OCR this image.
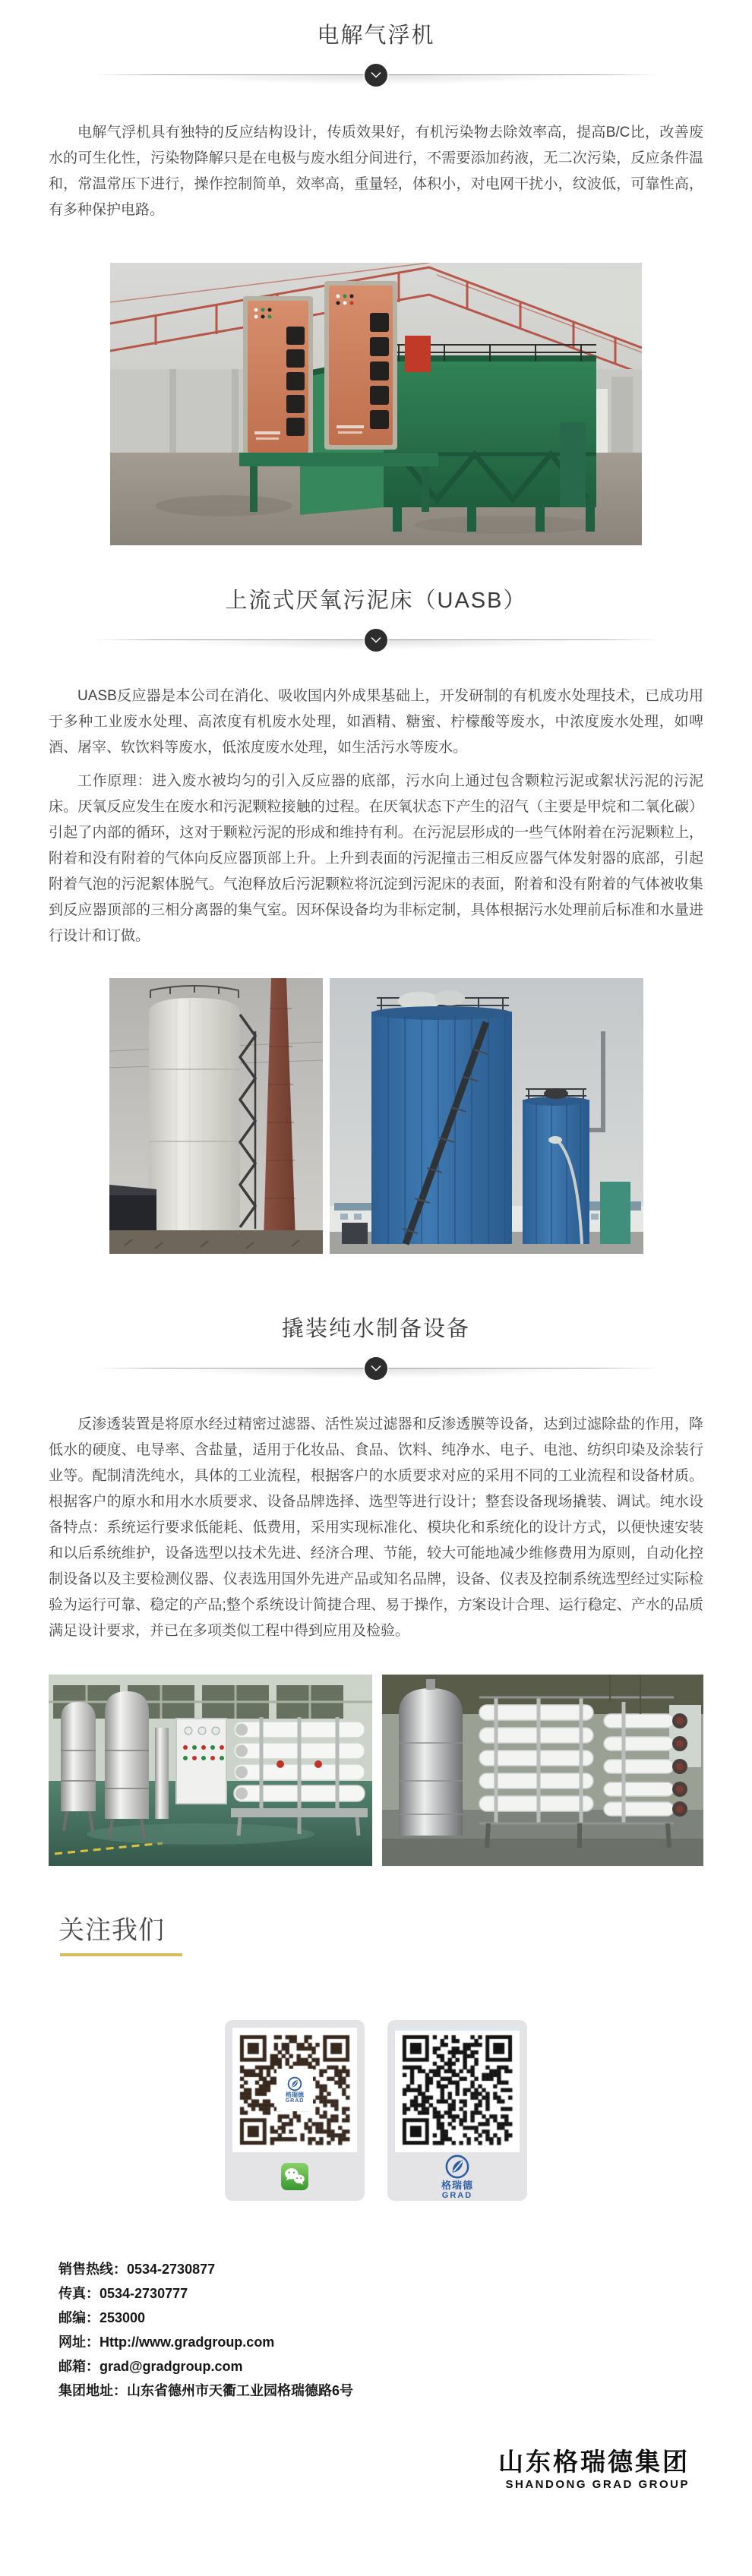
电解气浮机

电解气浮机具有独特的反应结构设计，传质效果好，有机污染物去除效率高，提高B/C比，改善废水的可生化性，污染物降解只是在电极与废水组分间进行，不需要添加药液，无二次污染，反应条件温和，常温常压下进行，操作控制简单，效率高，重量轻，体积小，对电网干扰小，纹波低，可靠性高，有多种保护电路。

上流式厌氧污泥床（UASB）

UASB反应器是本公司在消化、吸收国内外成果基础上，开发研制的有机废水处理技术，已成功用于多种工业废水处理、高浓度有机废水处理，如酒精、糖蜜、柠檬酸等废水，中浓度废水处理，如啤酒、屠宰、软饮料等废水，低浓度废水处理，如生活污水等废水。

工作原理：进入废水被均匀的引入反应器的底部，污水向上通过包含颗粒污泥或絮状污泥的污泥床。厌氧反应发生在废水和污泥颗粒接触的过程。在厌氧状态下产生的沼气（主要是甲烷和二氧化碳）引起了内部的循环，这对于颗粒污泥的形成和维持有利。在污泥层形成的一些气体附着在污泥颗粒上，附着和没有附着的气体向反应器顶部上升。上升到表面的污泥撞击三相反应器气体发射器的底部，引起附着气泡的污泥絮体脱气。气泡释放后污泥颗粒将沉淀到污泥床的表面，附着和没有附着的气体被收集到反应器顶部的三相分离器的集气室。因环保设备均为非标定制，具体根据污水处理前后标准和水量进行设计和订做。

撬装纯水制备设备

反渗透装置是将原水经过精密过滤器、活性炭过滤器和反渗透膜等设备，达到过滤除盐的作用，降低水的硬度、电导率、含盐量，适用于化妆品、食品、饮料、纯净水、电子、电池、纺织印染及涂装行业等。配制清洗纯水，具体的工业流程，根据客户的水质要求对应的采用不同的工业流程和设备材质。根据客户的原水和用水水质要求、设备品牌选择、选型等进行设计；整套设备现场撬装、调试。纯水设备特点：系统运行要求低能耗、低费用，采用实现标准化、模块化和系统化的设计方式，以便快速安装和以后系统维护，设备选型以技术先进、经济合理、节能，较大可能地减少维修费用为原则，自动化控制设备以及主要检测仪器、仪表选用国外先进产品或知名品牌，设备、仪表及控制系统选型经过实际检验为运行可靠、稳定的产品;整个系统设计简捷合理、易于操作，方案设计合理、运行稳定、产水的品质满足设计要求，并已在多项类似工程中得到应用及检验。

关注我们
格瑞德
GRAD
格瑞德
GRAD
销售热线：0534-2730877
传真：0534-2730777
邮编：253000
网址：Http://www.gradgroup.com
邮箱：grad@gradgroup.com
集团地址：山东省德州市天衢工业园格瑞德路6号
山东格瑞德集团
SHANDONG GRAD GROUP
